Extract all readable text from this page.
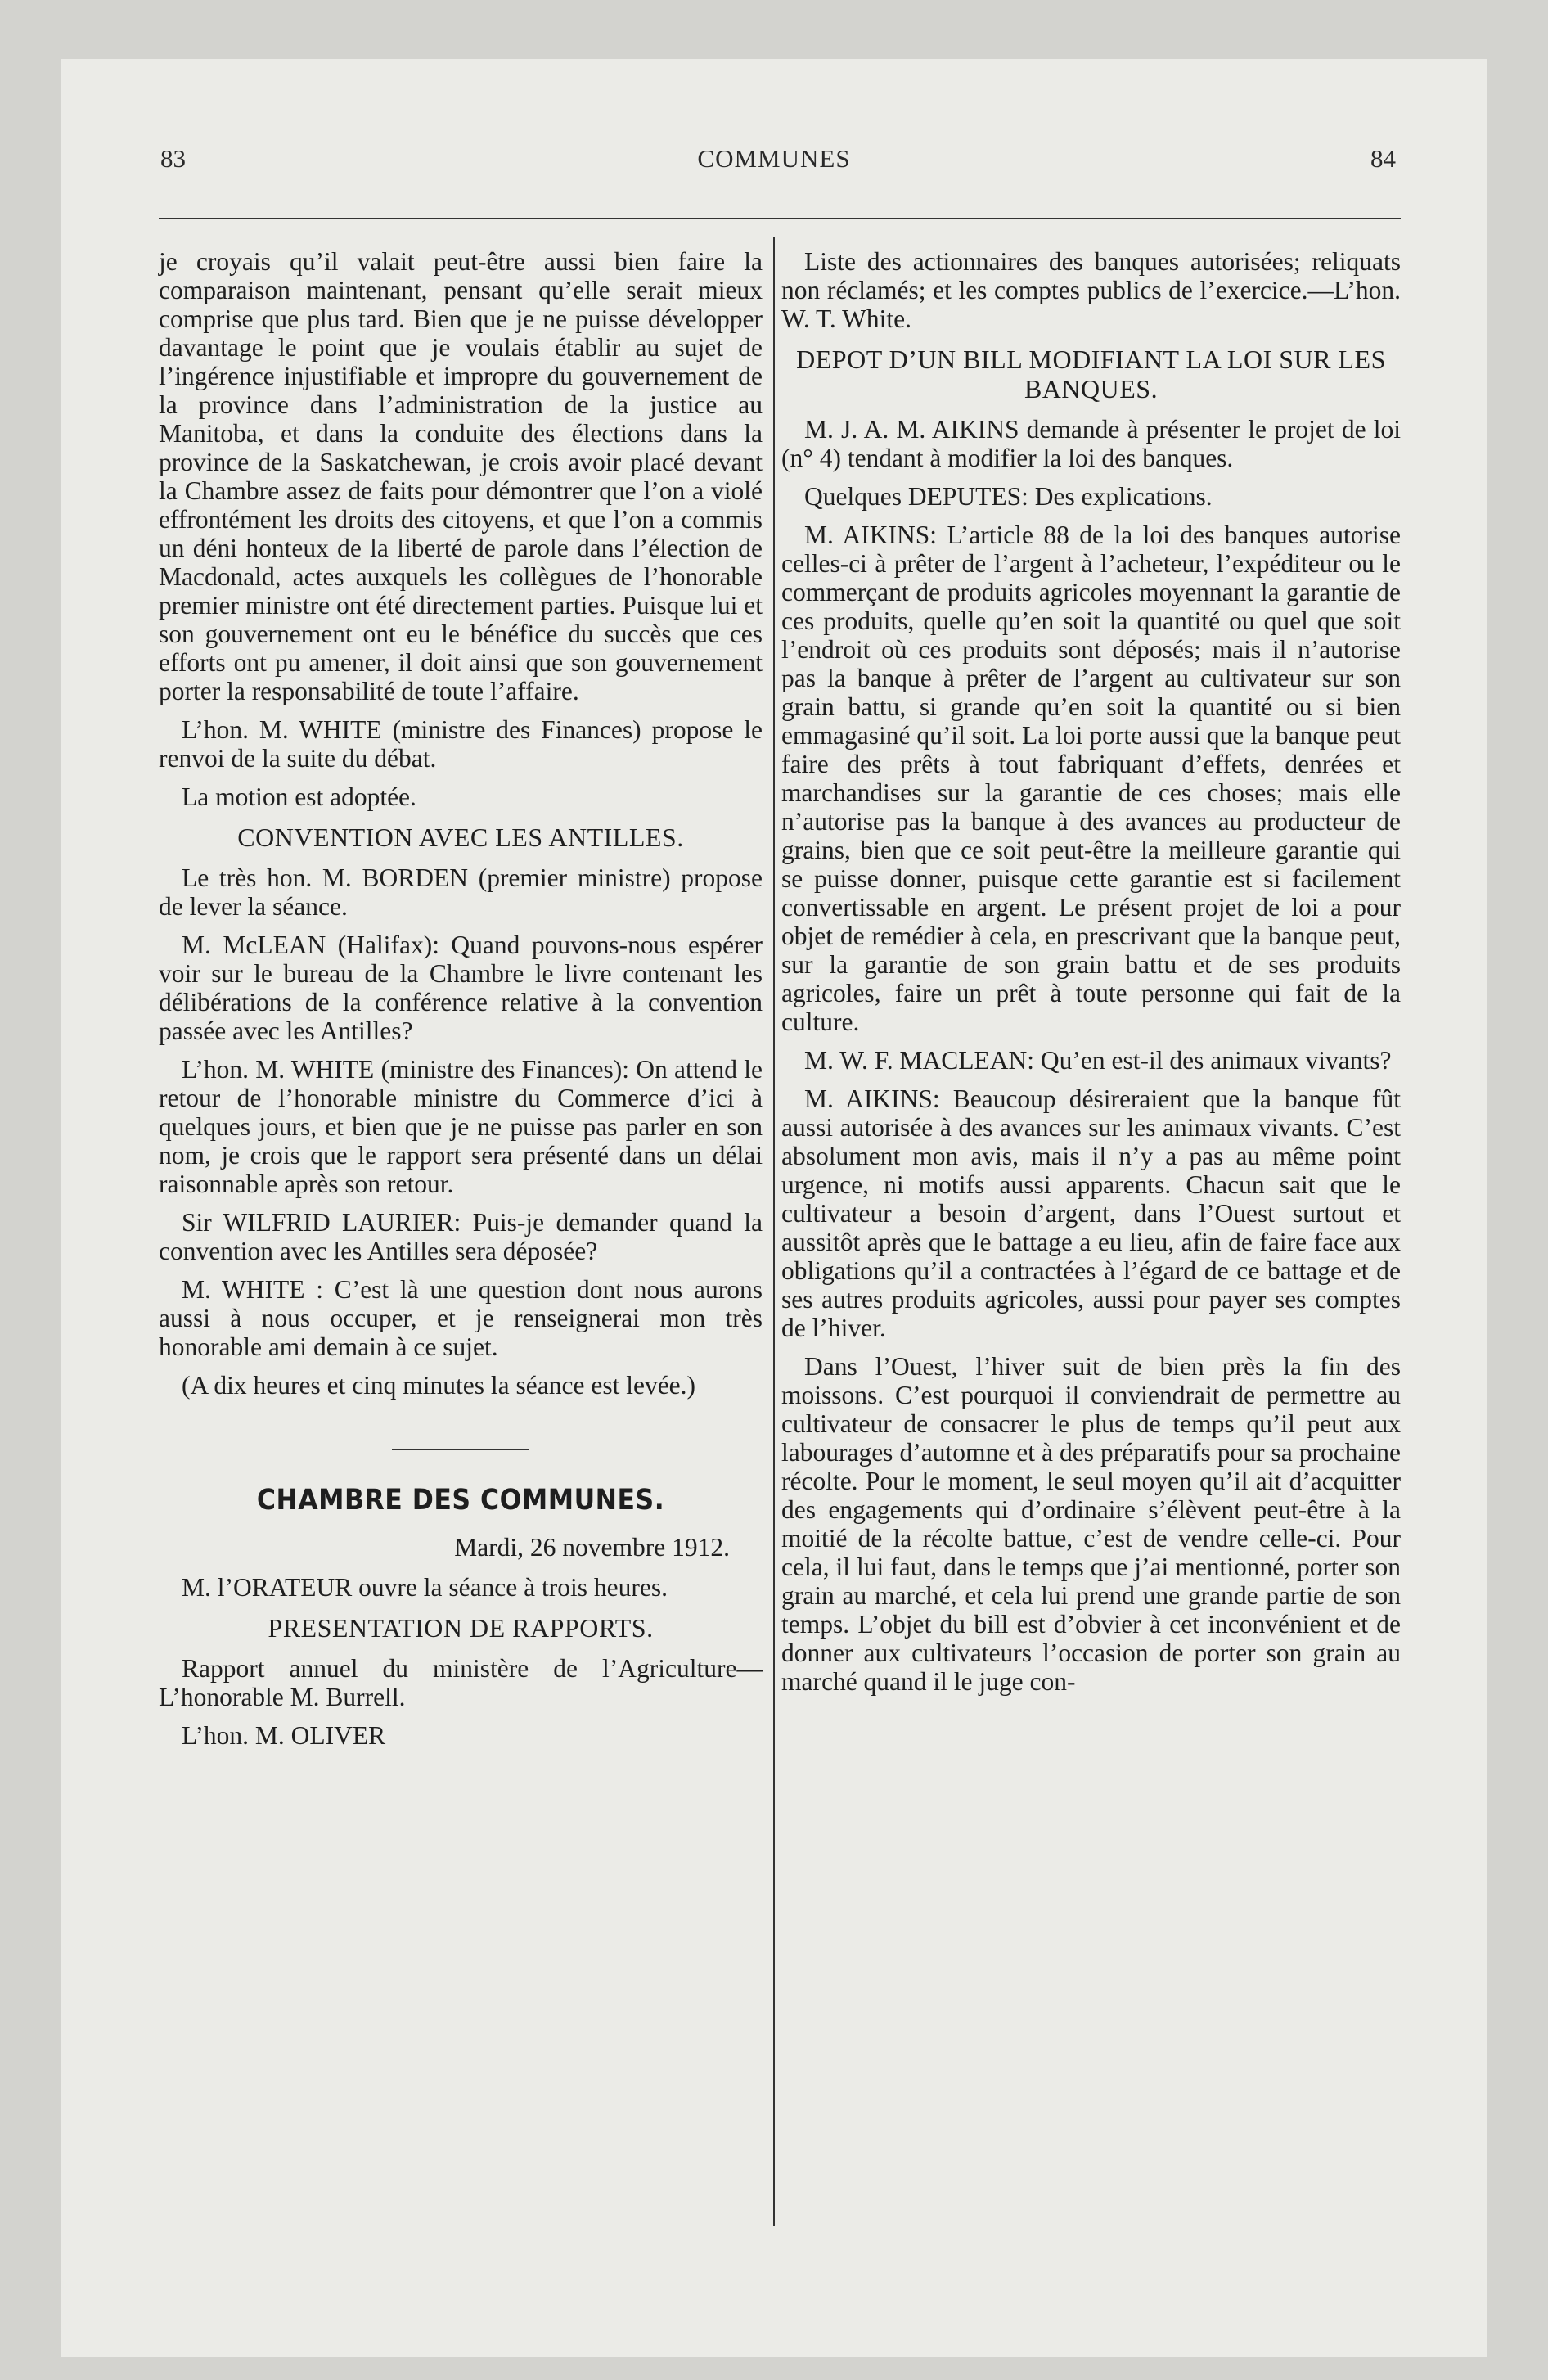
83	COMMUNES	84

je croyais qu’il valait peut-être aussi bien faire la comparaison maintenant, pensant qu’elle serait mieux comprise que plus tard. Bien que je ne puisse développer davantage le point que je voulais établir au sujet de l’ingérence injustifiable et impropre du gouvernement de la province dans l’administration de la justice au Manitoba, et dans la conduite des élections dans la province de la Saskatchewan, je crois avoir placé devant la Chambre assez de faits pour démontrer que l’on a violé effrontément les droits des citoyens, et que l’on a commis un déni honteux de la liberté de parole dans l’élection de Macdonald, actes auxquels les collègues de l’honorable premier ministre ont été directement parties. Puisque lui et son gouvernement ont eu le bénéfice du succès que ces efforts ont pu amener, il doit ainsi que son gouvernement porter la responsabilité de toute l’affaire.

L’hon. M. WHITE (ministre des Finances) propose le renvoi de la suite du débat.

La motion est adoptée.

CONVENTION AVEC LES ANTILLES.

Le très hon. M. BORDEN (premier ministre) propose de lever la séance.

M. McLEAN (Halifax): Quand pouvons-nous espérer voir sur le bureau de la Chambre le livre contenant les délibérations de la conférence relative à la convention passée avec les Antilles?

L’hon. M. WHITE (ministre des Finances): On attend le retour de l’honorable ministre du Commerce d’ici à quelques jours, et bien que je ne puisse pas parler en son nom, je crois que le rapport sera présenté dans un délai raisonnable après son retour.

Sir WILFRID LAURIER: Puis-je demander quand la convention avec les Antilles sera déposée?

M. WHITE : C’est là une question dont nous aurons aussi à nous occuper, et je renseignerai mon très honorable ami demain à ce sujet.

(A dix heures et cinq minutes la séance est levée.)

CHAMBRE DES COMMUNES.

Mardi, 26 novembre 1912.

M. l’ORATEUR ouvre la séance à trois heures.

PRESENTATION DE RAPPORTS.

Rapport annuel du ministère de l’Agriculture—L’honorable M. Burrell.

L’hon. M. OLIVER

Liste des actionnaires des banques autorisées; reliquats non réclamés; et les comptes publics de l’exercice.—L’hon. W. T. White.

DEPOT D’UN BILL MODIFIANT LA LOI SUR LES BANQUES.

M. J. A. M. AIKINS demande à présenter le projet de loi (n° 4) tendant à modifier la loi des banques.

Quelques DEPUTES: Des explications.

M. AIKINS: L’article 88 de la loi des banques autorise celles-ci à prêter de l’argent à l’acheteur, l’expéditeur ou le commerçant de produits agricoles moyennant la garantie de ces produits, quelle qu’en soit la quantité ou quel que soit l’endroit où ces produits sont déposés; mais il n’autorise pas la banque à prêter de l’argent au cultivateur sur son grain battu, si grande qu’en soit la quantité ou si bien emmagasiné qu’il soit. La loi porte aussi que la banque peut faire des prêts à tout fabriquant d’effets, denrées et marchandises sur la garantie de ces choses; mais elle n’autorise pas la banque à des avances au producteur de grains, bien que ce soit peut-être la meilleure garantie qui se puisse donner, puisque cette garantie est si facilement convertissable en argent. Le présent projet de loi a pour objet de remédier à cela, en prescrivant que la banque peut, sur la garantie de son grain battu et de ses produits agricoles, faire un prêt à toute personne qui fait de la culture.

M. W. F. MACLEAN: Qu’en est-il des animaux vivants?

M. AIKINS: Beaucoup désireraient que la banque fût aussi autorisée à des avances sur les animaux vivants. C’est absolument mon avis, mais il n’y a pas au même point urgence, ni motifs aussi apparents. Chacun sait que le cultivateur a besoin d’argent, dans l’Ouest surtout et aussitôt après que le battage a eu lieu, afin de faire face aux obligations qu’il a contractées à l’égard de ce battage et de ses autres produits agricoles, aussi pour payer ses comptes de l’hiver.

Dans l’Ouest, l’hiver suit de bien près la fin des moissons. C’est pourquoi il conviendrait de permettre au cultivateur de consacrer le plus de temps qu’il peut aux labourages d’automne et à des préparatifs pour sa prochaine récolte. Pour le moment, le seul moyen qu’il ait d’acquitter des engagements qui d’ordinaire s’élèvent peut-être à la moitié de la récolte battue, c’est de vendre celle-ci. Pour cela, il lui faut, dans le temps que j’ai mentionné, porter son grain au marché, et cela lui prend une grande partie de son temps. L’objet du bill est d’obvier à cet inconvénient et de donner aux cultivateurs l’occasion de porter son grain au marché quand il le juge con-
